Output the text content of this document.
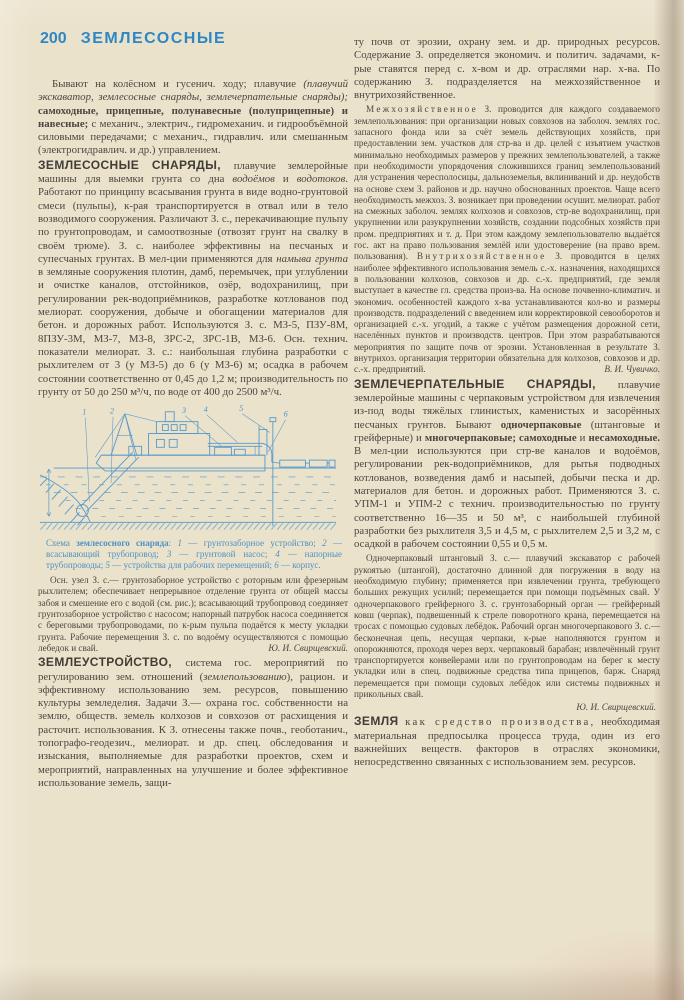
200 ЗЕМЛЕСОСНЫЕ

Бывают на колёсном и гусенич. ходу; плавучие (плавучий экскаватор, землесосные снаряды, землечерпательные снаряды); самоходные, прицепные, полунавесные (полуприцепные) и навесные; с механич., электрич., гидромеханич. и гидрообъёмной силовыми передачами; с механич., гидравлич. или смешанным (электрогидравлич. и др.) управлением.

ЗЕМЛЕСОСНЫЕ СНАРЯДЫ, плавучие землеройные машины для выемки грунта со дна водоёмов и водотоков. Работают по принципу всасывания грунта в виде водно-грунтовой смеси (пульпы), к-рая транспортируется в отвал или в тело возводимого сооружения. Различают З. с., перекачивающие пульпу по грунтопроводам, и самоотвозные (отвозят грунт на свалку в своём трюме). З. с. наиболее эффективны на песчаных и супесчаных грунтах. В мел-ции применяются для намыва грунта в земляные сооружения плотин, дамб, перемычек, при углублении и очистке каналов, отстойников, озёр, водохранилищ, при регулировании рек-водоприёмников, разработке котлованов под мелиорат. сооружения, добыче и обогащении материалов для бетон. и дорожных работ. Используются З. с. МЗ-5, ПЗУ-8М, 8ПЗУ-3М, МЗ-7, МЗ-8, ЗРС-2, ЗРС-1В, МЗ-6. Осн. технич. показатели мелиорат. З. с.: наибольшая глубина разработки с рыхлителем от 3 (у МЗ-5) до 6 (у МЗ-6) м; осадка в рабочем состоянии соответственно от 0,45 до 1,2 м; производительность по грунту от 50 до 250 м³/ч, по воде от 400 до 2500 м³/ч.

1	2	3 4	5
6
Схема землесосного снаряда: 1 — грунтозаборное устройство; 2 — всасывающий трубопровод; 3 — грунтовой насос; 4 — напорные трубопроводы; 5 — устройства для рабочих перемещений; 6 — корпус.

Осн. узел З. с.— грунтозаборное устройство с роторным или фрезерным рыхлителем; обеспечивает непрерывное отделение грунта от общей массы забоя и смешение его с водой (см. рис.); всасывающий трубопровод соединяет грунтозаборное устройство с насосом; напорный патрубок насоса соединяется с береговыми трубопроводами, по к-рым пульпа подаётся к месту укладки грунта. Рабочие перемещения З. с. по водоёму осуществляются с помощью лебедок и свай.	Ю. И. Свирщевский.

ЗЕМЛЕУСТРОЙСТВО, система гос. мероприятий по регулированию зем. отношений (землепользованию), рацион. и эффективному использованию зем. ресурсов, повышению культуры земледелия. Задачи З.— охрана гос. собственности на землю, обществ. земель колхозов и совхозов от расхищения и расточит. использования. К З. отнесены также почв., геоботанич., топографо-геодезич., мелиорат. и др. спец. обследования и изыскания, выполняемые для разработки проектов, схем и мероприятий, направленных на улучшение и более эффективное использование земель, защи-

ту почв от эрозии, охрану зем. и др. природных ресурсов. Содержание З. определяется экономич. и политич. задачами, к-рые ставятся перед с. х-вом и др. отраслями нар. х-ва. По содержанию З. подразделяется на межхозяйственное и внутрихозяйственное.

Межхозяйственное З. проводится для каждого создаваемого землепользования: при организации новых совхозов на заболоч. землях гос. запасного фонда или за счёт земель действующих хозяйств, при предоставлении зем. участков для стр-ва и др. целей с изъятием участков минимально необходимых размеров у прежних землепользователей, а также при необходимости упорядочения сложившихся границ землепользований для устранения чересполосицы, дальноземелья, вклиниваний и др. неудобств на основе схем З. районов и др. научно обоснованных проектов. Чаще всего необходимость межхоз. З. возникает при проведении осушит. мелиорат. работ на смежных заболоч. землях колхозов и совхозов, стр-ве водохранилищ, при укрупнении или разукрупнении хозяйств, создании подсобных хозяйств при пром. предприятиях и т. д. При этом каждому землепользователю выдаётся гос. акт на право пользования землёй или удостоверение (на право врем. пользования). Внутрихозяйственное З. проводится в целях наиболее эффективного использования земель с.-х. назначения, находящихся в пользовании колхозов, совхозов и др. с.-х. предприятий, где земля выступает в качестве гл. средства произ-ва. На основе почвенно-климатич. и экономич. особенностей каждого х-ва устанавливаются кол-во и размеры производств. подразделений с введением или корректировкой севооборотов и организацией с.-х. угодий, а также с учётом размещения дорожной сети, населённых пунктов и производств. центров. При этом разрабатываются мероприятия по защите почв от эрозии. Установленная в результате З. внутрихоз. организация территории обязательна для колхозов, совхозов и др. с.-х. предприятий.	В. И. Чувичко.

ЗЕМЛЕЧЕРПАТЕЛЬНЫЕ СНАРЯДЫ, плавучие землеройные машины с черпаковым устройством для извлечения из-под воды тяжёлых глинистых, каменистых и засорённых песчаных грунтов. Бывают одночерпаковые (штанговые и грейферные) и многочерпаковые; самоходные и несамоходные. В мел-ции используются при стр-ве каналов и водоёмов, регулировании рек-водоприёмников, для рытья подводных котлованов, возведения дамб и насыпей, добычи песка и др. материалов для бетон. и дорожных работ. Применяются З. с. УПМ-1 и УПМ-2 с технич. производительностью по грунту соответственно 16—35 и 50 м³, с наибольшей глубиной разработки без рыхлителя 3,5 и 4,5 м, с рыхлителем 2,5 и 3,2 м, с осадкой в рабочем состоянии 0,55 и 0,5 м.

Одночерпаковый штанговый З. с.— плавучий экскаватор с рабочей рукоятью (штангой), достаточно длинной для погружения в воду на необходимую глубину; применяется при извлечении грунта, требующего больших режущих усилий; перемещается при помощи подъёмных свай. У одночерпакового грейферного З. с. грунтозаборный орган — грейферный ковш (черпак), подвешенный к стреле поворотного крана, перемещается на тросах с помощью судовых лебёдок. Рабочий орган многочерпакового З. с.— бесконечная цепь, несущая черпаки, к-рые наполняются грунтом и опорожняются, проходя через верх. черпаковый барабан; извлечённый грунт транспортируется конвейерами или по грунтопроводам на берег к месту укладки или в спец. подвижные средства типа прицепов, барж. Снаряд перемещается при помощи судовых лебёдок или системы подвижных и прикольных свай.

Ю. И. Свирщевский.

ЗЕМЛЯ как средство производства, необходимая материальная предпосылка процесса труда, один из его важнейших веществ. факторов в отраслях экономики, непосредственно связанных с использованием зем. ресурсов.
